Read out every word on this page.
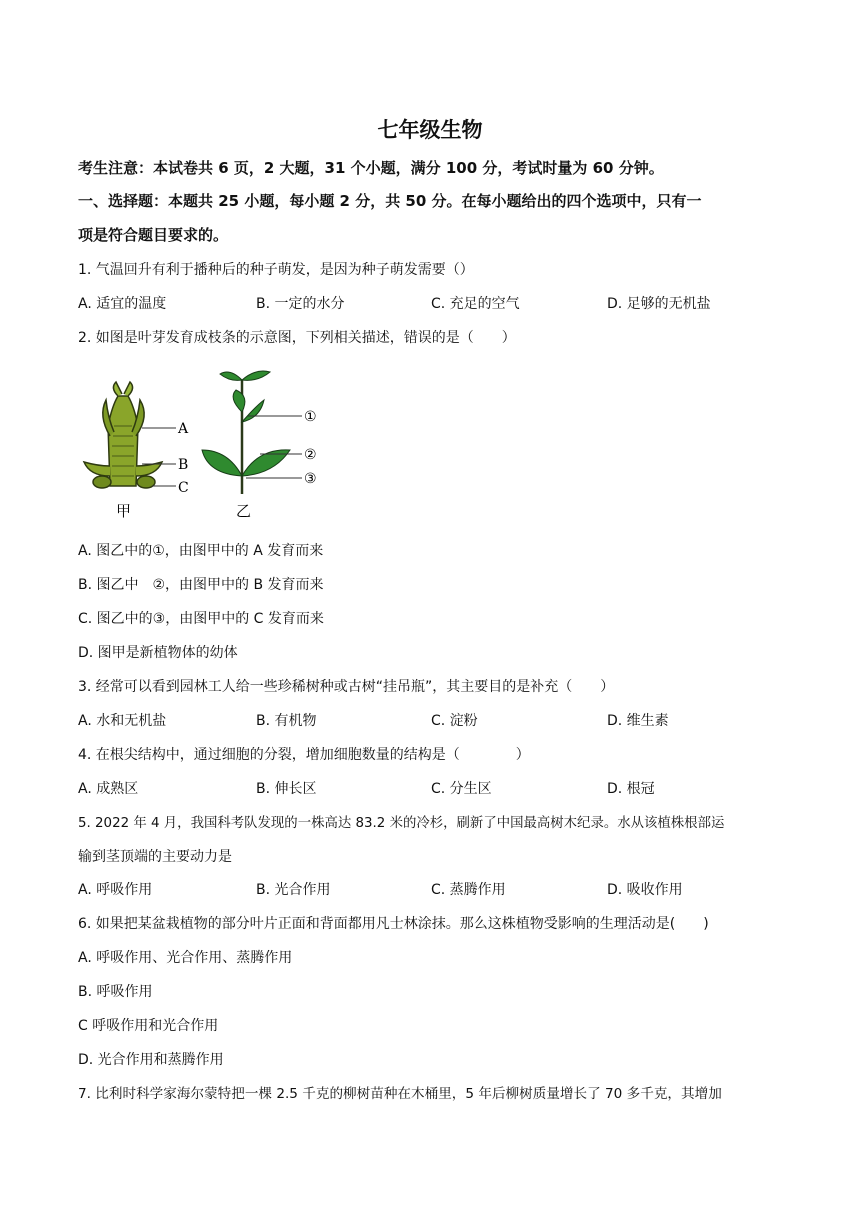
七年级生物
考生注意：本试卷共 6 页，2 大题，31 个小题，满分 100 分，考试时量为 60 分钟。
一、选择题：本题共 25 小题，每小题 2 分，共 50 分。在每小题给出的四个选项中，只有一
项是符合题目要求的。
1. 气温回升有利于播种后的种子萌发，是因为种子萌发需要（）
A. 适宜的温度	B. 一定的水分	C. 充足的空气	D. 足够的无机盐
2. 如图是叶芽发育成枝条的示意图，下列相关描述，错误的是（　　）
A
B
C
甲
①
②
③
乙
A. 图乙中的①，由图甲中的 A 发育而来
B. 图乙中　②，由图甲中的 B 发育而来
C. 图乙中的③，由图甲中的 C 发育而来
D. 图甲是新植物体的幼体
3. 经常可以看到园林工人给一些珍稀树种或古树“挂吊瓶”，其主要目的是补充（　　）
A. 水和无机盐	B. 有机物	C. 淀粉	D. 维生素
4. 在根尖结构中，通过细胞的分裂，增加细胞数量的结构是（　　　　）
A. 成熟区	B. 伸长区	C. 分生区	D. 根冠
5. 2022 年 4 月，我国科考队发现的一株高达 83.2 米的冷杉，刷新了中国最高树木纪录。水从该植株根部运
输到茎顶端的主要动力是
A. 呼吸作用	B. 光合作用	C. 蒸腾作用	D. 吸收作用
6. 如果把某盆栽植物的部分叶片正面和背面都用凡士林涂抹。那么这株植物受影响的生理活动是(　　)
A. 呼吸作用、光合作用、蒸腾作用
B. 呼吸作用
C 呼吸作用和光合作用
D. 光合作用和蒸腾作用
7. 比利时科学家海尔蒙特把一棵 2.5 千克的柳树苗种在木桶里，5 年后柳树质量增长了 70 多千克，其增加
